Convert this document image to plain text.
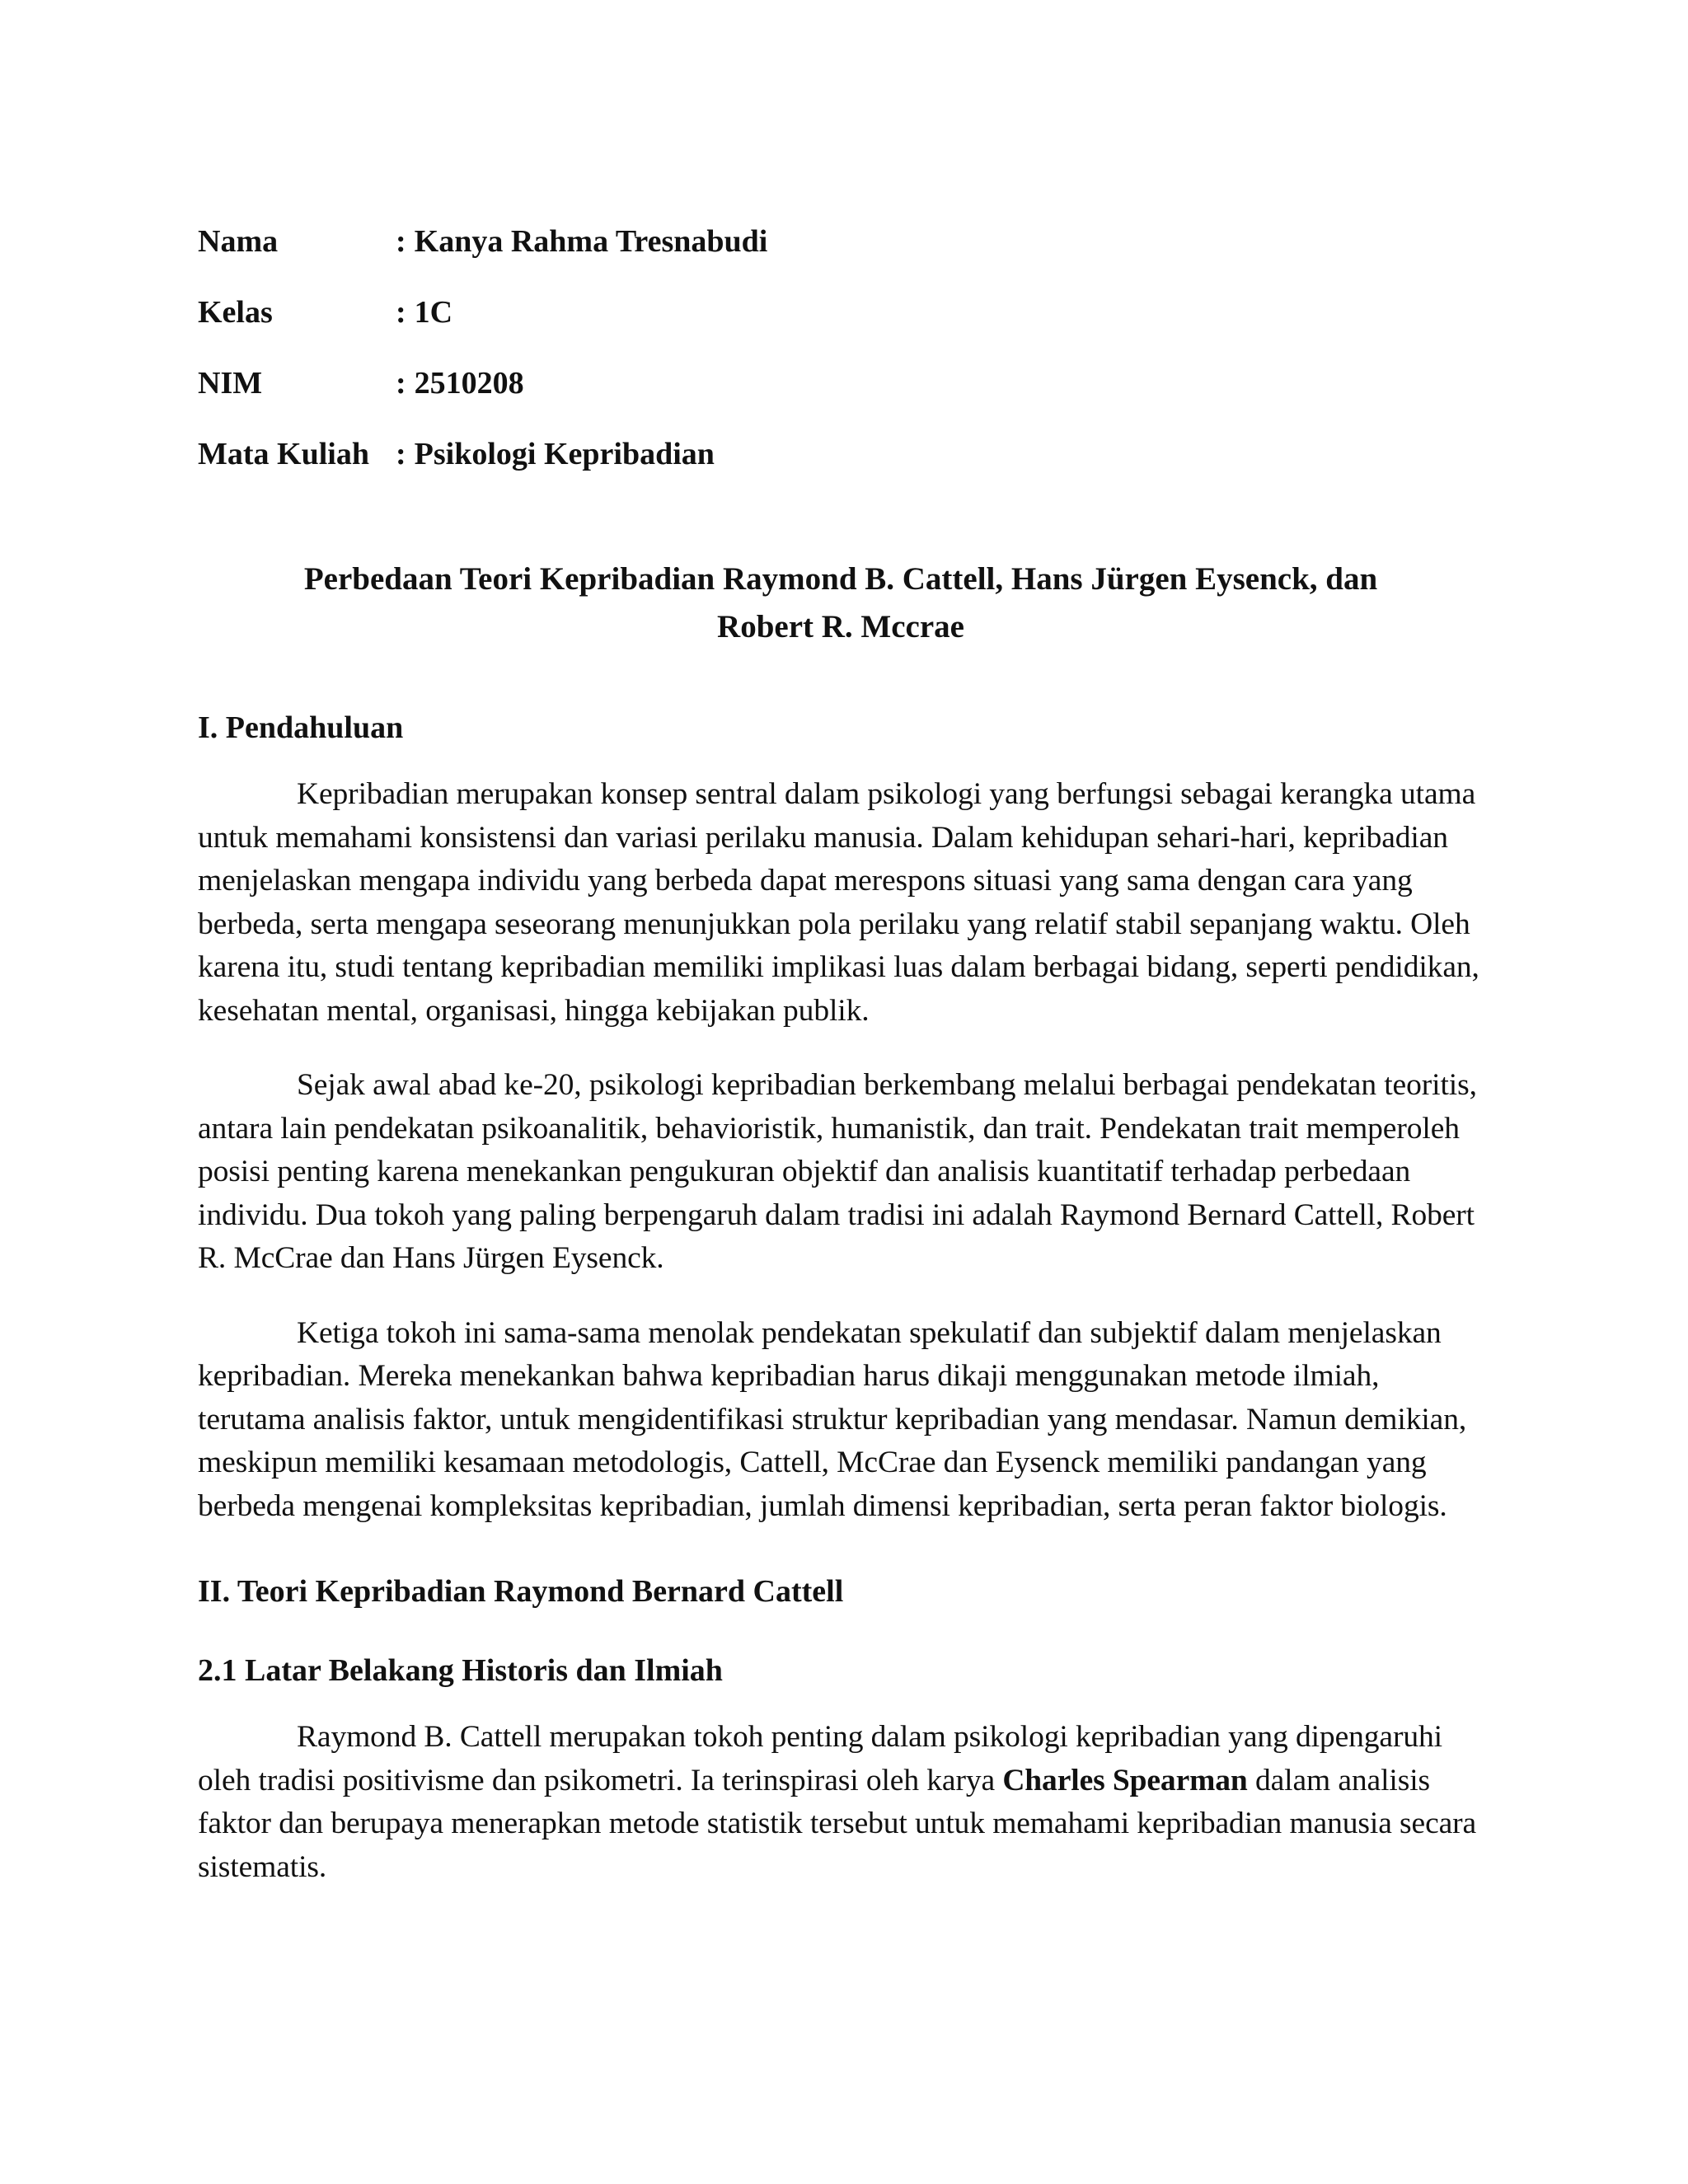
Nama	: Kanya Rahma Tresnabudi
Kelas	: 1C
NIM	: 2510208
Mata Kuliah : Psikologi Kepribadian
Perbedaan Teori Kepribadian Raymond B. Cattell, Hans Jürgen Eysenck, dan
Robert R. Mccrae
I. Pendahuluan

Kepribadian merupakan konsep sentral dalam psikologi yang berfungsi sebagai kerangka utama untuk memahami konsistensi dan variasi perilaku manusia. Dalam kehidupan sehari-hari, kepribadian menjelaskan mengapa individu yang berbeda dapat merespons situasi yang sama dengan cara yang berbeda, serta mengapa seseorang menunjukkan pola perilaku yang relatif stabil sepanjang waktu. Oleh karena itu, studi tentang kepribadian memiliki implikasi luas dalam berbagai bidang, seperti pendidikan, kesehatan mental, organisasi, hingga kebijakan publik.

Sejak awal abad ke-20, psikologi kepribadian berkembang melalui berbagai pendekatan teoritis, antara lain pendekatan psikoanalitik, behavioristik, humanistik, dan trait. Pendekatan trait memperoleh posisi penting karena menekankan pengukuran objektif dan analisis kuantitatif terhadap perbedaan individu. Dua tokoh yang paling berpengaruh dalam tradisi ini adalah Raymond Bernard Cattell, Robert R. McCrae dan Hans Jürgen Eysenck.

Ketiga tokoh ini sama-sama menolak pendekatan spekulatif dan subjektif dalam menjelaskan kepribadian. Mereka menekankan bahwa kepribadian harus dikaji menggunakan metode ilmiah, terutama analisis faktor, untuk mengidentifikasi struktur kepribadian yang mendasar. Namun demikian, meskipun memiliki kesamaan metodologis, Cattell, McCrae dan Eysenck memiliki pandangan yang berbeda mengenai kompleksitas kepribadian, jumlah dimensi kepribadian, serta peran faktor biologis.

II. Teori Kepribadian Raymond Bernard Cattell
2.1 Latar Belakang Historis dan Ilmiah

Raymond B. Cattell merupakan tokoh penting dalam psikologi kepribadian yang dipengaruhi oleh tradisi positivisme dan psikometri. Ia terinspirasi oleh karya Charles Spearman dalam analisis faktor dan berupaya menerapkan metode statistik tersebut untuk memahami kepribadian manusia secara sistematis.
